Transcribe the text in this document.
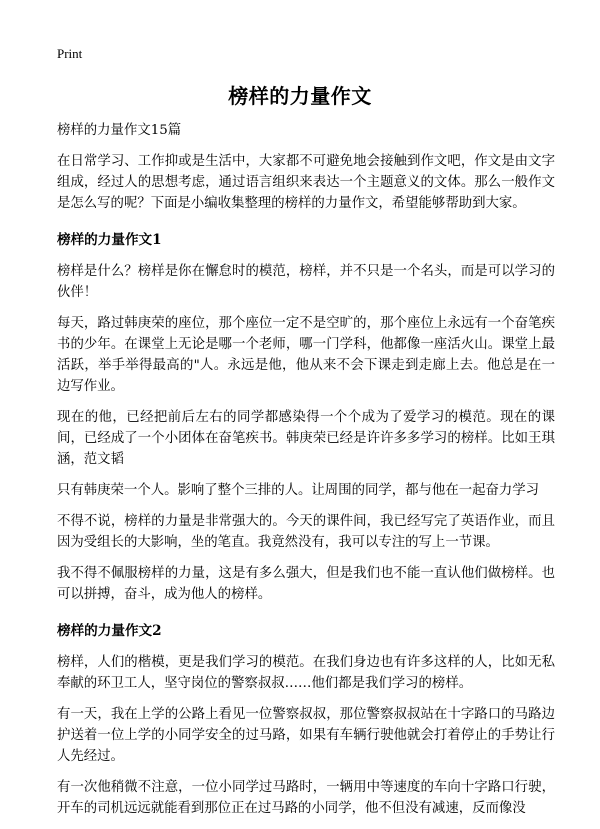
Print
榜样的力量作文

榜样的力量作文15篇

在日常学习、工作抑或是生活中，大家都不可避免地会接触到作文吧，作文是由文字组成，经过人的思想考虑，通过语言组织来表达一个主题意义的文体。那么一般作文是怎么写的呢？下面是小编收集整理的榜样的力量作文，希望能够帮助到大家。

榜样的力量作文1

榜样是什么？榜样是你在懈怠时的模范，榜样，并不只是一个名头，而是可以学习的伙伴！

每天，路过韩庚荣的座位，那个座位一定不是空旷的，那个座位上永远有一个奋笔疾书的少年。在课堂上无论是哪一个老师，哪一门学科，他都像一座活火山。课堂上最活跃，举手举得最高的"人。永远是他，他从来不会下课走到走廊上去。他总是在一边写作业。

现在的他，已经把前后左右的同学都感染得一个个成为了爱学习的模范。现在的课间，已经成了一个小团体在奋笔疾书。韩庚荣已经是许许多多学习的榜样。比如王琪涵，范文韬

只有韩庚荣一个人。影响了整个三排的人。让周围的同学，都与他在一起奋力学习

不得不说，榜样的力量是非常强大的。今天的课件间，我已经写完了英语作业，而且因为受组长的大影响，坐的笔直。我竟然没有，我可以专注的写上一节课。

我不得不佩服榜样的力量，这是有多么强大，但是我们也不能一直认他们做榜样。也可以拼搏，奋斗，成为他人的榜样。

榜样的力量作文2

榜样，人们的楷模，更是我们学习的模范。在我们身边也有许多这样的人，比如无私奉献的环卫工人，坚守岗位的警察叔叔……他们都是我们学习的榜样。

有一天，我在上学的公路上看见一位警察叔叔，那位警察叔叔站在十字路口的马路边护送着一位上学的小同学安全的过马路，如果有车辆行驶他就会打着停止的手势让行人先经过。

有一次他稍微不注意，一位小同学过马路时，一辆用中等速度的车向十字路口行驶，开车的司机远远就能看到那位正在过马路的小同学，他不但没有减速，反而像没
